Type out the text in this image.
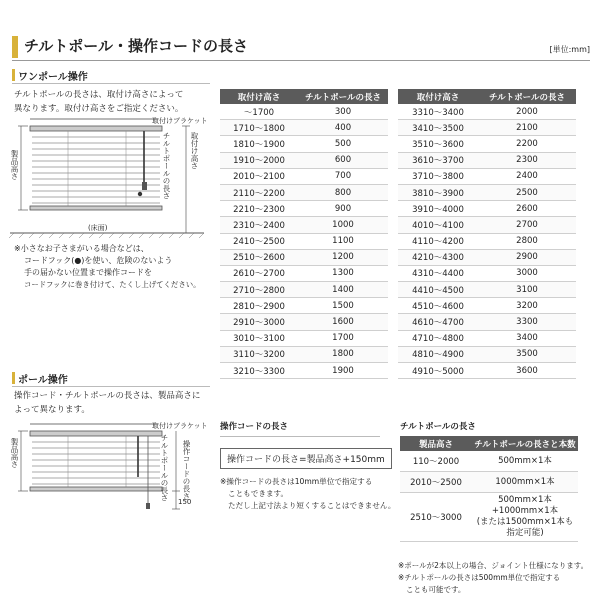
チルトポール・操作コードの長さ	[単位:mm]
ワンポール操作
チルトポールの長さは、取付け高さによって
異なります。取付け高さをご指定ください。
取付けブラケット
製品高さ	チルトポールの長さ	取付け高さ
(床面)
※小さなお子さまがいる場合などは、
コードフック(●)を使い、危険のないよう
手の届かない位置まで操作コードを
コードフックに巻き付けて、たくし上げてください。
取付け高さ	チルトポールの長さ
～1700	300
1710～1800	400
1810～1900	500
1910～2000	600
2010～2100	700
2110～2200	800
2210～2300	900
2310～2400	1000
2410～2500	1100
2510～2600	1200
2610～2700	1300
2710～2800	1400
2810～2900	1500
2910～3000	1600
3010～3100	1700
3110～3200	1800
3210～3300	1900
取付け高さ	チルトポールの長さ
3310～3400	2000
3410～3500	2100
3510～3600	2200
3610～3700	2300
3710～3800	2400
3810～3900	2500
3910～4000	2600
4010～4100	2700
4110～4200	2800
4210～4300	2900
4310～4400	3000
4410～4500	3100
4510～4600	3200
4610～4700	3300
4710～4800	3400
4810～4900	3500
4910～5000	3600
ポール操作
操作コード・チルトポールの長さは、製品高さに
よって異なります。
取付けブラケット
製品高さ	チルトポールの長さ 操作コードの長さ
150
操作コードの長さ
操作コードの長さ=製品高さ+150mm
※操作コードの長さは10mm単位で指定する
こともできます。
ただし上記寸法より短くすることはできません。
チルトポールの長さ
製品高さ	チルトポールの長さと本数
110～2000	500mm×1本

2010～2500	1000mm×1本

2510～3000	500mm×1本
+1000mm×1本
(または1500mm×1本も
指定可能)
※ポールが2本以上の場合、ジョイント仕様になります。
※チルトポールの長さは500mm単位で指定する
ことも可能です。
